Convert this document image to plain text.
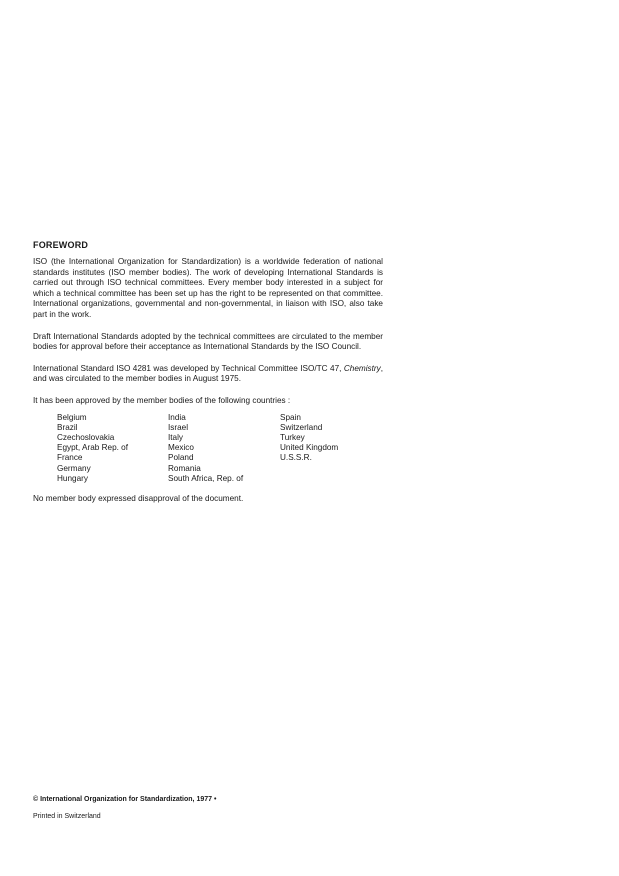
FOREWORD

ISO (the International Organization for Standardization) is a worldwide federation of national standards institutes (ISO member bodies). The work of developing International Standards is carried out through ISO technical committees. Every member body interested in a subject for which a technical committee has been set up has the right to be represented on that committee. International organizations, governmental and non-governmental, in liaison with ISO, also take part in the work.

Draft International Standards adopted by the technical committees are circulated to the member bodies for approval before their acceptance as International Standards by the ISO Council.

International Standard ISO 4281 was developed by Technical Committee ISO/TC 47, Chemistry, and was circulated to the member bodies in August 1975.

It has been approved by the member bodies of the following countries :

Belgium
Brazil
Czechoslovakia
Egypt, Arab Rep. of
France
Germany
Hungary
India
Israel
Italy
Mexico
Poland
Romania
South Africa, Rep. of
Spain
Switzerland
Turkey
United Kingdom
U.S.S.R.

No member body expressed disapproval of the document.

© International Organization for Standardization, 1977 •
Printed in Switzerland
